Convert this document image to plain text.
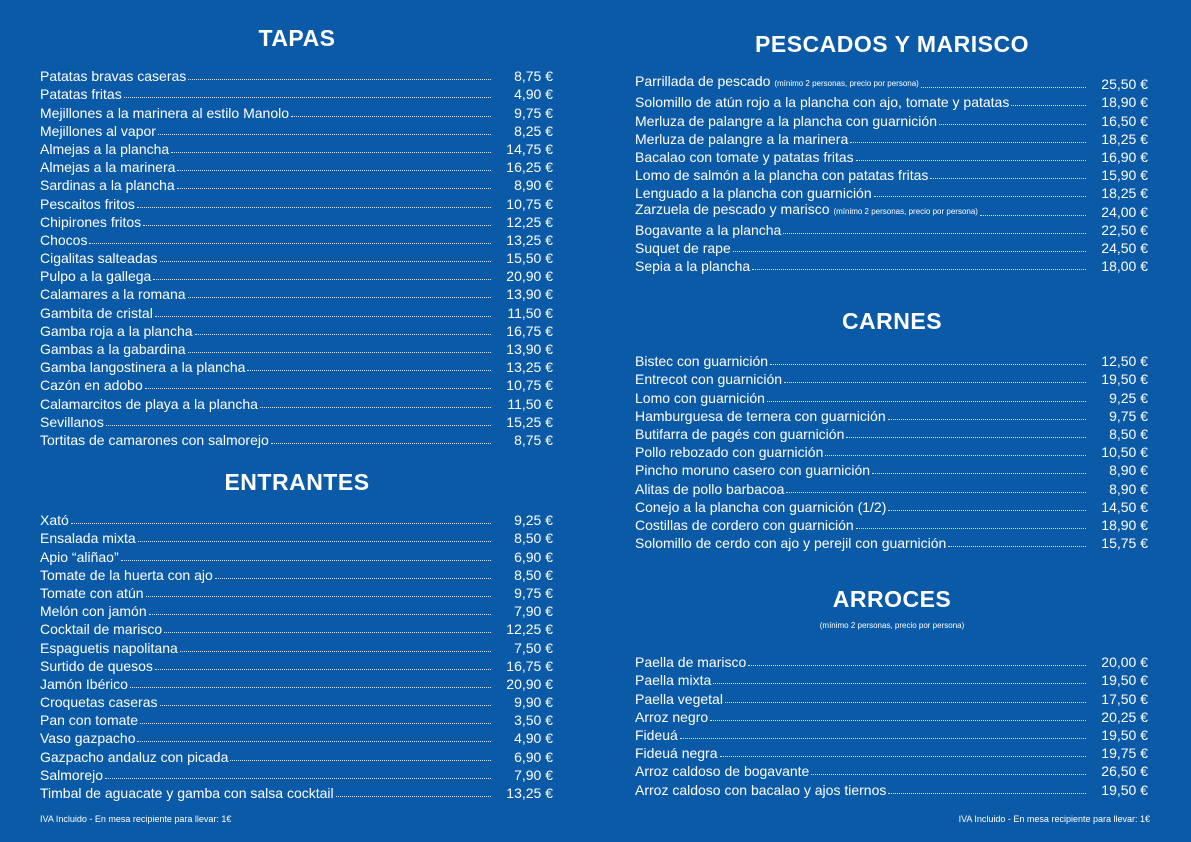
TAPAS
Patatas bravas caseras	8,75 €
Patatas fritas	4,90 €
Mejillones a la marinera al estilo Manolo	9,75 €
Mejillones al vapor	8,25 €
Almejas a la plancha	14,75 €
Almejas a la marinera	16,25 €
Sardinas a la plancha	8,90 €
Pescaitos fritos	10,75 €
Chipirones fritos	12,25 €
Chocos	13,25 €
Cigalitas salteadas	15,50 €
Pulpo a la gallega	20,90 €
Calamares a la romana	13,90 €
Gambita de cristal	11,50 €
Gamba roja a la plancha	16,75 €
Gambas a la gabardina	13,90 €
Gamba langostinera a la plancha	13,25 €
Cazón en adobo	10,75 €
Calamarcitos de playa a la plancha	11,50 €
Sevillanos	15,25 €
Tortitas de camarones con salmorejo	8,75 €
ENTRANTES
Xató	9,25 €
Ensalada mixta	8,50 €
Apio “aliñao”	6,90 €
Tomate de la huerta con ajo	8,50 €
Tomate con atún	9,75 €
Melón con jamón	7,90 €
Cocktail de marisco	12,25 €
Espaguetis napolitana	7,50 €
Surtido de quesos	16,75 €
Jamón Ibérico	20,90 €
Croquetas caseras	9,90 €
Pan con tomate	3,50 €
Vaso gazpacho	4,90 €
Gazpacho andaluz con picada	6,90 €
Salmorejo	7,90 €
Timbal de aguacate y gamba con salsa cocktail	13,25 €
IVA Incluido - En mesa recipiente para llevar: 1€
PESCADOS Y MARISCO
Parrillada de pescado (mínimo 2 personas, precio por persona)	25,50 €
Solomillo de atún rojo a la plancha con ajo, tomate y patatas	18,90 €
Merluza de palangre a la plancha con guarnición	16,50 €
Merluza de palangre a la marinera	18,25 €
Bacalao con tomate y patatas fritas	16,90 €
Lomo de salmón a la plancha con patatas fritas	15,90 €
Lenguado a la plancha con guarnición	18,25 €
Zarzuela de pescado y marisco (mínimo 2 personas, precio por persona)	24,00 €
Bogavante a la plancha	22,50 €
Suquet de rape	24,50 €
Sepia a la plancha	18,00 €
CARNES
Bistec con guarnición	12,50 €
Entrecot con guarnición	19,50 €
Lomo con guarnición	9,25 €
Hamburguesa de ternera con guarnición	9,75 €
Butifarra de pagés con guarnición	8,50 €
Pollo rebozado con guarnición	10,50 €
Pincho moruno casero con guarnición	8,90 €
Alitas de pollo barbacoa	8,90 €
Conejo a la plancha con guarnición (1/2)	14,50 €
Costillas de cordero con guarnición	18,90 €
Solomillo de cerdo con ajo y perejil con guarnición	15,75 €
ARROCES
(mínimo 2 personas, precio por persona)
Paella de marisco	20,00 €
Paella mixta	19,50 €
Paella vegetal	17,50 €
Arroz negro	20,25 €
Fideuá	19,50 €
Fideuá negra	19,75 €
Arroz caldoso de bogavante	26,50 €
Arroz caldoso con bacalao y ajos tiernos	19,50 €
IVA Incluido - En mesa recipiente para llevar: 1€
